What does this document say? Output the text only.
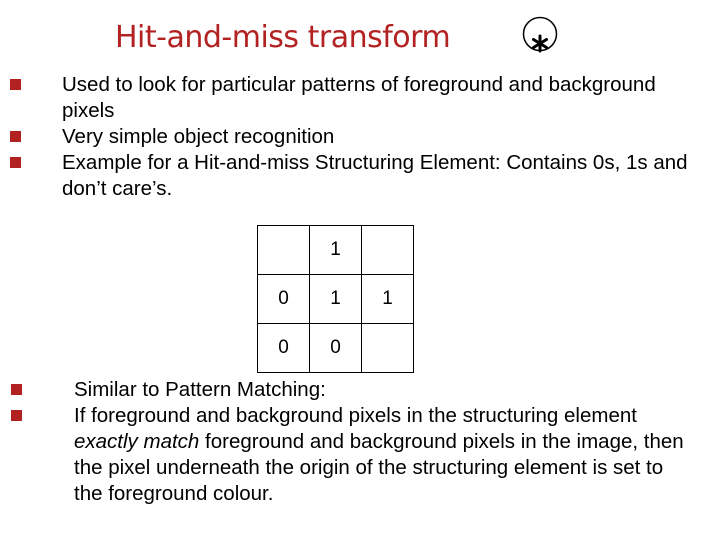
Hit-and-miss transform
Used to look for particular patterns of foreground and background pixels
Very simple object recognition
Example for a Hit-and-miss Structuring Element: Contains 0s, 1s and don’t care’s.
	1	
0	1	1
0	0	
Similar to Pattern Matching:
If foreground and background pixels in the structuring element exactly match foreground and background pixels in the image, then the pixel underneath the origin of the structuring element is set to the foreground colour.
